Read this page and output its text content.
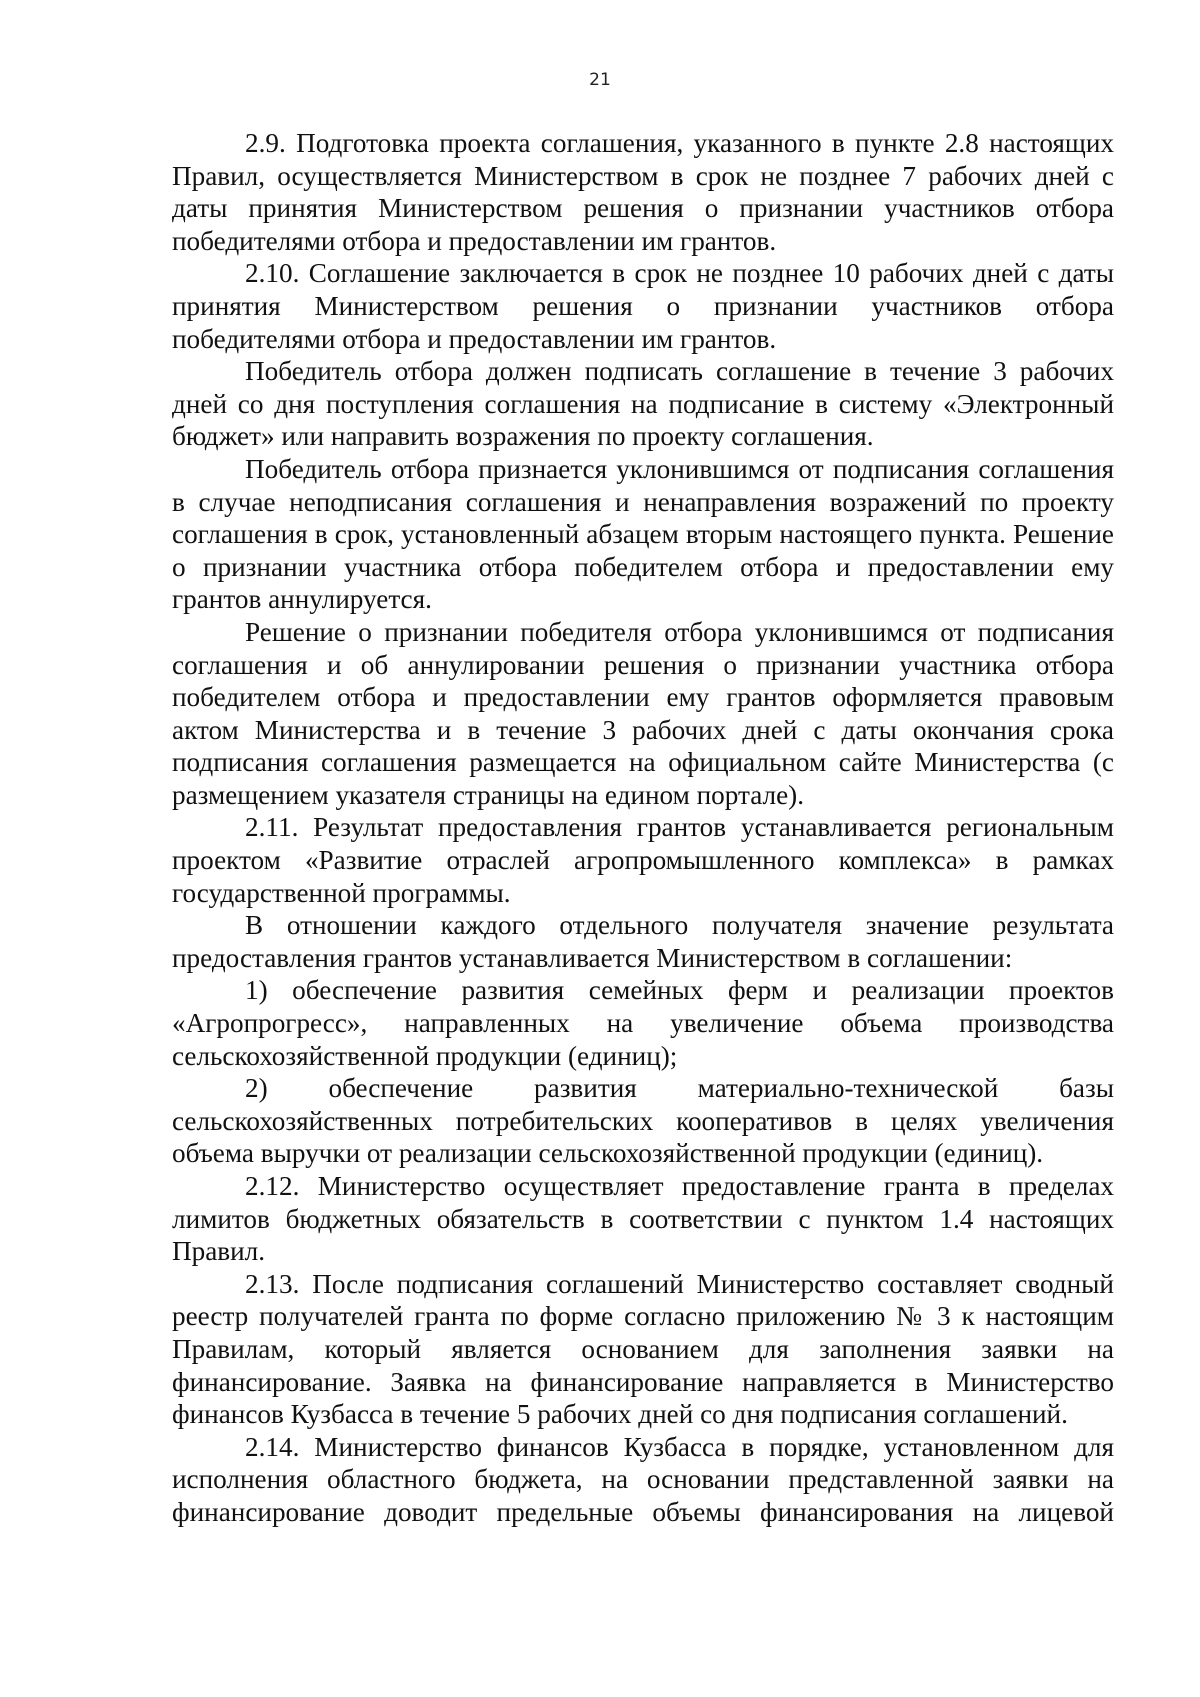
21

2.9. Подготовка проекта соглашения, указанного в пункте 2.8 настоящих Правил, осуществляется Министерством в срок не позднее 7 рабочих дней с даты принятия Министерством решения о признании участников отбора победителями отбора и предоставлении им грантов.

2.10. Соглашение заключается в срок не позднее 10 рабочих дней с даты принятия Министерством решения о признании участников отбора победителями отбора и предоставлении им грантов.

Победитель отбора должен подписать соглашение в течение 3 рабочих дней со дня поступления соглашения на подписание в систему «Электронный бюджет» или направить возражения по проекту соглашения.

Победитель отбора признается уклонившимся от подписания соглашения в случае неподписания соглашения и ненаправления возражений по проекту соглашения в срок, установленный абзацем вторым настоящего пункта. Решение о признании участника отбора победителем отбора и предоставлении ему грантов аннулируется.

Решение о признании победителя отбора уклонившимся от подписания соглашения и об аннулировании решения о признании участника отбора победителем отбора и предоставлении ему грантов оформляется правовым актом Министерства и в течение 3 рабочих дней с даты окончания срока подписания соглашения размещается на официальном сайте Министерства (с размещением указателя страницы на едином портале).

2.11. Результат предоставления грантов устанавливается региональным проектом «Развитие отраслей агропромышленного комплекса» в рамках государственной программы.

В отношении каждого отдельного получателя значение результата предоставления грантов устанавливается Министерством в соглашении:

1) обеспечение развития семейных ферм и реализации проектов «Агропрогресс», направленных на увеличение объема производства сельскохозяйственной продукции (единиц);

2) обеспечение развития материально-технической базы сельскохозяйственных потребительских кооперативов в целях увеличения объема выручки от реализации сельскохозяйственной продукции (единиц).

2.12. Министерство осуществляет предоставление гранта в пределах лимитов бюджетных обязательств в соответствии с пунктом 1.4 настоящих Правил.

2.13. После подписания соглашений Министерство составляет сводный реестр получателей гранта по форме согласно приложению № 3 к настоящим Правилам, который является основанием для заполнения заявки на финансирование. Заявка на финансирование направляется в Министерство финансов Кузбасса в течение 5 рабочих дней со дня подписания соглашений.

2.14. Министерство финансов Кузбасса в порядке, установленном для исполнения областного бюджета, на основании представленной заявки на финансирование доводит предельные объемы финансирования на лицевой
